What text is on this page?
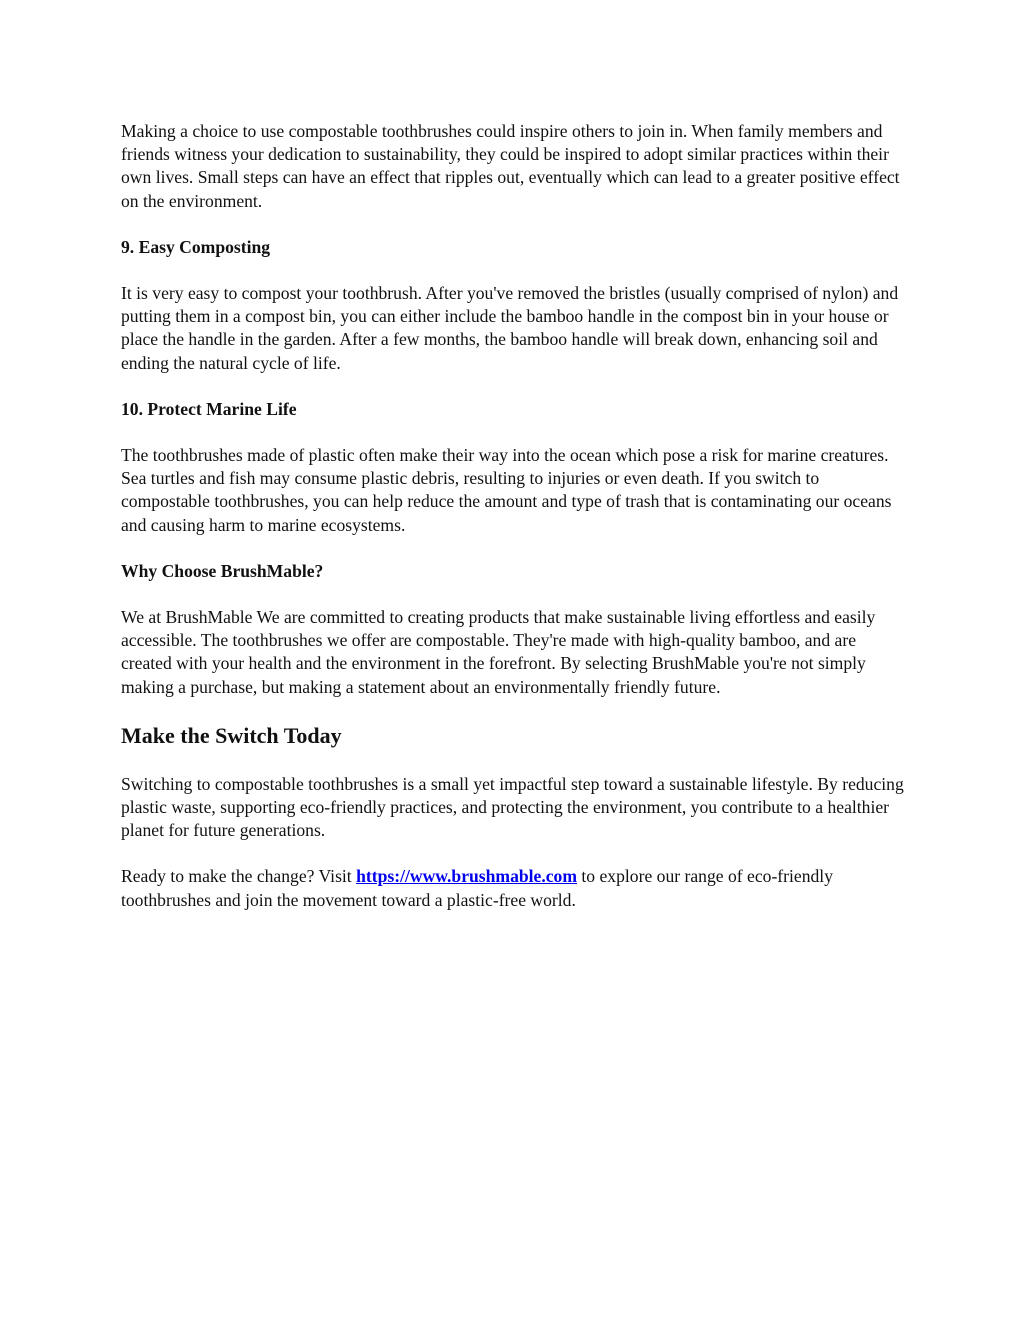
Making a choice to use compostable toothbrushes could inspire others to join in. When family members and friends witness your dedication to sustainability, they could be inspired to adopt similar practices within their own lives. Small steps can have an effect that ripples out, eventually which can lead to a greater positive effect on the environment.

9. Easy Composting

It is very easy to compost your toothbrush. After you've removed the bristles (usually comprised of nylon) and putting them in a compost bin, you can either include the bamboo handle in the compost bin in your house or place the handle in the garden. After a few months, the bamboo handle will break down, enhancing soil and ending the natural cycle of life.

10. Protect Marine Life

The toothbrushes made of plastic often make their way into the ocean which pose a risk for marine creatures. Sea turtles and fish may consume plastic debris, resulting to injuries or even death. If you switch to compostable toothbrushes, you can help reduce the amount and type of trash that is contaminating our oceans and causing harm to marine ecosystems.

Why Choose BrushMable?

We at BrushMable We are committed to creating products that make sustainable living effortless and easily accessible. The toothbrushes we offer are compostable. They're made with high-quality bamboo, and are created with your health and the environment in the forefront. By selecting BrushMable you're not simply making a purchase, but making a statement about an environmentally friendly future.

Make the Switch Today

Switching to compostable toothbrushes is a small yet impactful step toward a sustainable lifestyle. By reducing plastic waste, supporting eco-friendly practices, and protecting the environment, you contribute to a healthier planet for future generations.

Ready to make the change? Visit https://www.brushmable.com to explore our range of eco-friendly toothbrushes and join the movement toward a plastic-free world.
